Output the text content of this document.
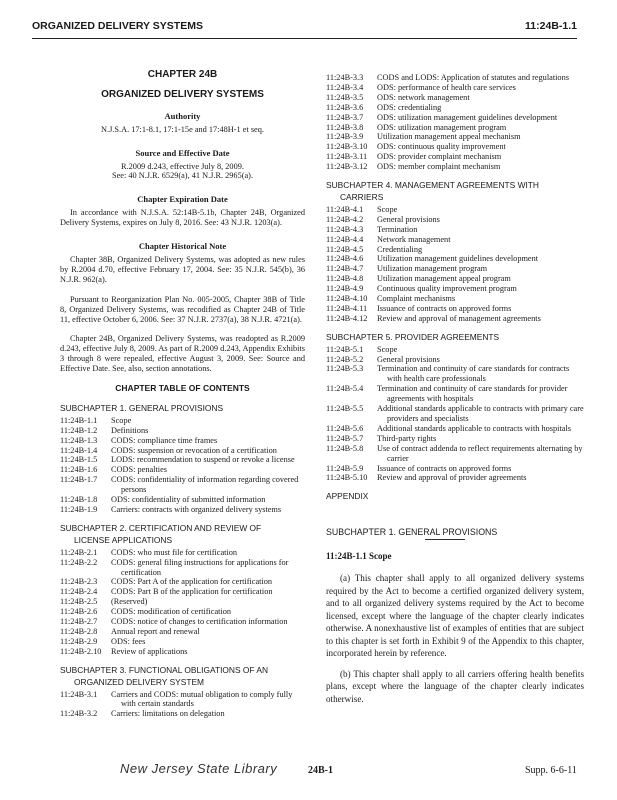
ORGANIZED DELIVERY SYSTEMS	11:24B-1.1
CHAPTER 24B
ORGANIZED DELIVERY SYSTEMS
Authority
N.J.S.A. 17:1-8.1, 17:1-15e and 17:48H-1 et seq.
Source and Effective Date
R.2009 d.243, effective July 8, 2009.
See: 40 N.J.R. 6529(a), 41 N.J.R. 2965(a).
Chapter Expiration Date
In accordance with N.J.S.A. 52:14B-5.1b, Chapter 24B, Organized Delivery Systems, expires on July 8, 2016. See: 43 N.J.R. 1203(a).
Chapter Historical Note
Chapter 38B, Organized Delivery Systems, was adopted as new rules by R.2004 d.70, effective February 17, 2004. See: 35 N.J.R. 545(b), 36 N.J.R. 962(a).
Pursuant to Reorganization Plan No. 005-2005, Chapter 38B of Title 8, Organized Delivery Systems, was recodified as Chapter 24B of Title 11, effective October 6, 2006. See: 37 N.J.R. 2737(a), 38 N.J.R. 4721(a).
Chapter 24B, Organized Delivery Systems, was readopted as R.2009 d.243, effective July 8, 2009. As part of R.2009 d.243, Appendix Exhibits 3 through 8 were repealed, effective August 3, 2009. See: Source and Effective Date. See, also, section annotations.
CHAPTER TABLE OF CONTENTS
SUBCHAPTER 1. GENERAL PROVISIONS
11:24B-1.1	Scope
11:24B-1.2	Definitions
11:24B-1.3	CODS: compliance time frames
11:24B-1.4	CODS: suspension or revocation of a certification
11:24B-1.5	LODS: recommendation to suspend or revoke a license
11:24B-1.6	CODS: penalties
11:24B-1.7	CODS: confidentiality of information regarding covered persons
11:24B-1.8	ODS: confidentiality of submitted information
11:24B-1.9	Carriers: contracts with organized delivery systems
SUBCHAPTER 2. CERTIFICATION AND REVIEW OF
LICENSE APPLICATIONS
11:24B-2.1	CODS: who must file for certification
11:24B-2.2	CODS: general filing instructions for applications for certification
11:24B-2.3	CODS: Part A of the application for certification
11:24B-2.4	CODS: Part B of the application for certification
11:24B-2.5	(Reserved)
11:24B-2.6	CODS: modification of certification
11:24B-2.7	CODS: notice of changes to certification information
11:24B-2.8	Annual report and renewal
11:24B-2.9	ODS: fees
11:24B-2.10	Review of applications
SUBCHAPTER 3. FUNCTIONAL OBLIGATIONS OF AN
ORGANIZED DELIVERY SYSTEM
11:24B-3.1	Carriers and CODS: mutual obligation to comply fully with certain standards
11:24B-3.2	Carriers: limitations on delegation
11:24B-3.3	CODS and LODS: Application of statutes and regulations
11:24B-3.4	ODS: performance of health care services
11:24B-3.5	ODS: network management
11:24B-3.6	ODS: credentialing
11:24B-3.7	ODS: utilization management guidelines development
11:24B-3.8	ODS: utilization management program
11:24B-3.9	Utilization management appeal mechanism
11:24B-3.10	ODS: continuous quality improvement
11:24B-3.11	ODS: provider complaint mechanism
11:24B-3.12	ODS: member complaint mechanism
SUBCHAPTER 4. MANAGEMENT AGREEMENTS WITH
CARRIERS
11:24B-4.1	Scope
11:24B-4.2	General provisions
11:24B-4.3	Termination
11:24B-4.4	Network management
11:24B-4.5	Credentialing
11:24B-4.6	Utilization management guidelines development
11:24B-4.7	Utilization management program
11:24B-4.8	Utilization management appeal program
11:24B-4.9	Continuous quality improvement program
11:24B-4.10	Complaint mechanisms
11:24B-4.11	Issuance of contracts on approved forms
11:24B-4.12	Review and approval of management agreements
SUBCHAPTER 5. PROVIDER AGREEMENTS
11:24B-5.1	Scope
11:24B-5.2	General provisions
11:24B-5.3	Termination and continuity of care standards for contracts with health care professionals
11:24B-5.4	Termination and continuity of care standards for provider agreements with hospitals
11:24B-5.5	Additional standards applicable to contracts with primary care providers and specialists
11:24B-5.6	Additional standards applicable to contracts with hospitals
11:24B-5.7	Third-party rights
11:24B-5.8	Use of contract addenda to reflect requirements alternating by carrier
11:24B-5.9	Issuance of contracts on approved forms
11:24B-5.10	Review and approval of provider agreements
APPENDIX
SUBCHAPTER 1. GENERAL PROVISIONS
11:24B-1.1 Scope
(a) This chapter shall apply to all organized delivery systems required by the Act to become a certified organized delivery system, and to all organized delivery systems required by the Act to become licensed, except where the language of the chapter clearly indicates otherwise. A nonexhaustive list of examples of entities that are subject to this chapter is set forth in Exhibit 9 of the Appendix to this chapter, incorporated herein by reference.
(b) This chapter shall apply to all carriers offering health benefits plans, except where the language of the chapter clearly indicates otherwise.
New Jersey State Library	24B-1	Supp. 6-6-11
